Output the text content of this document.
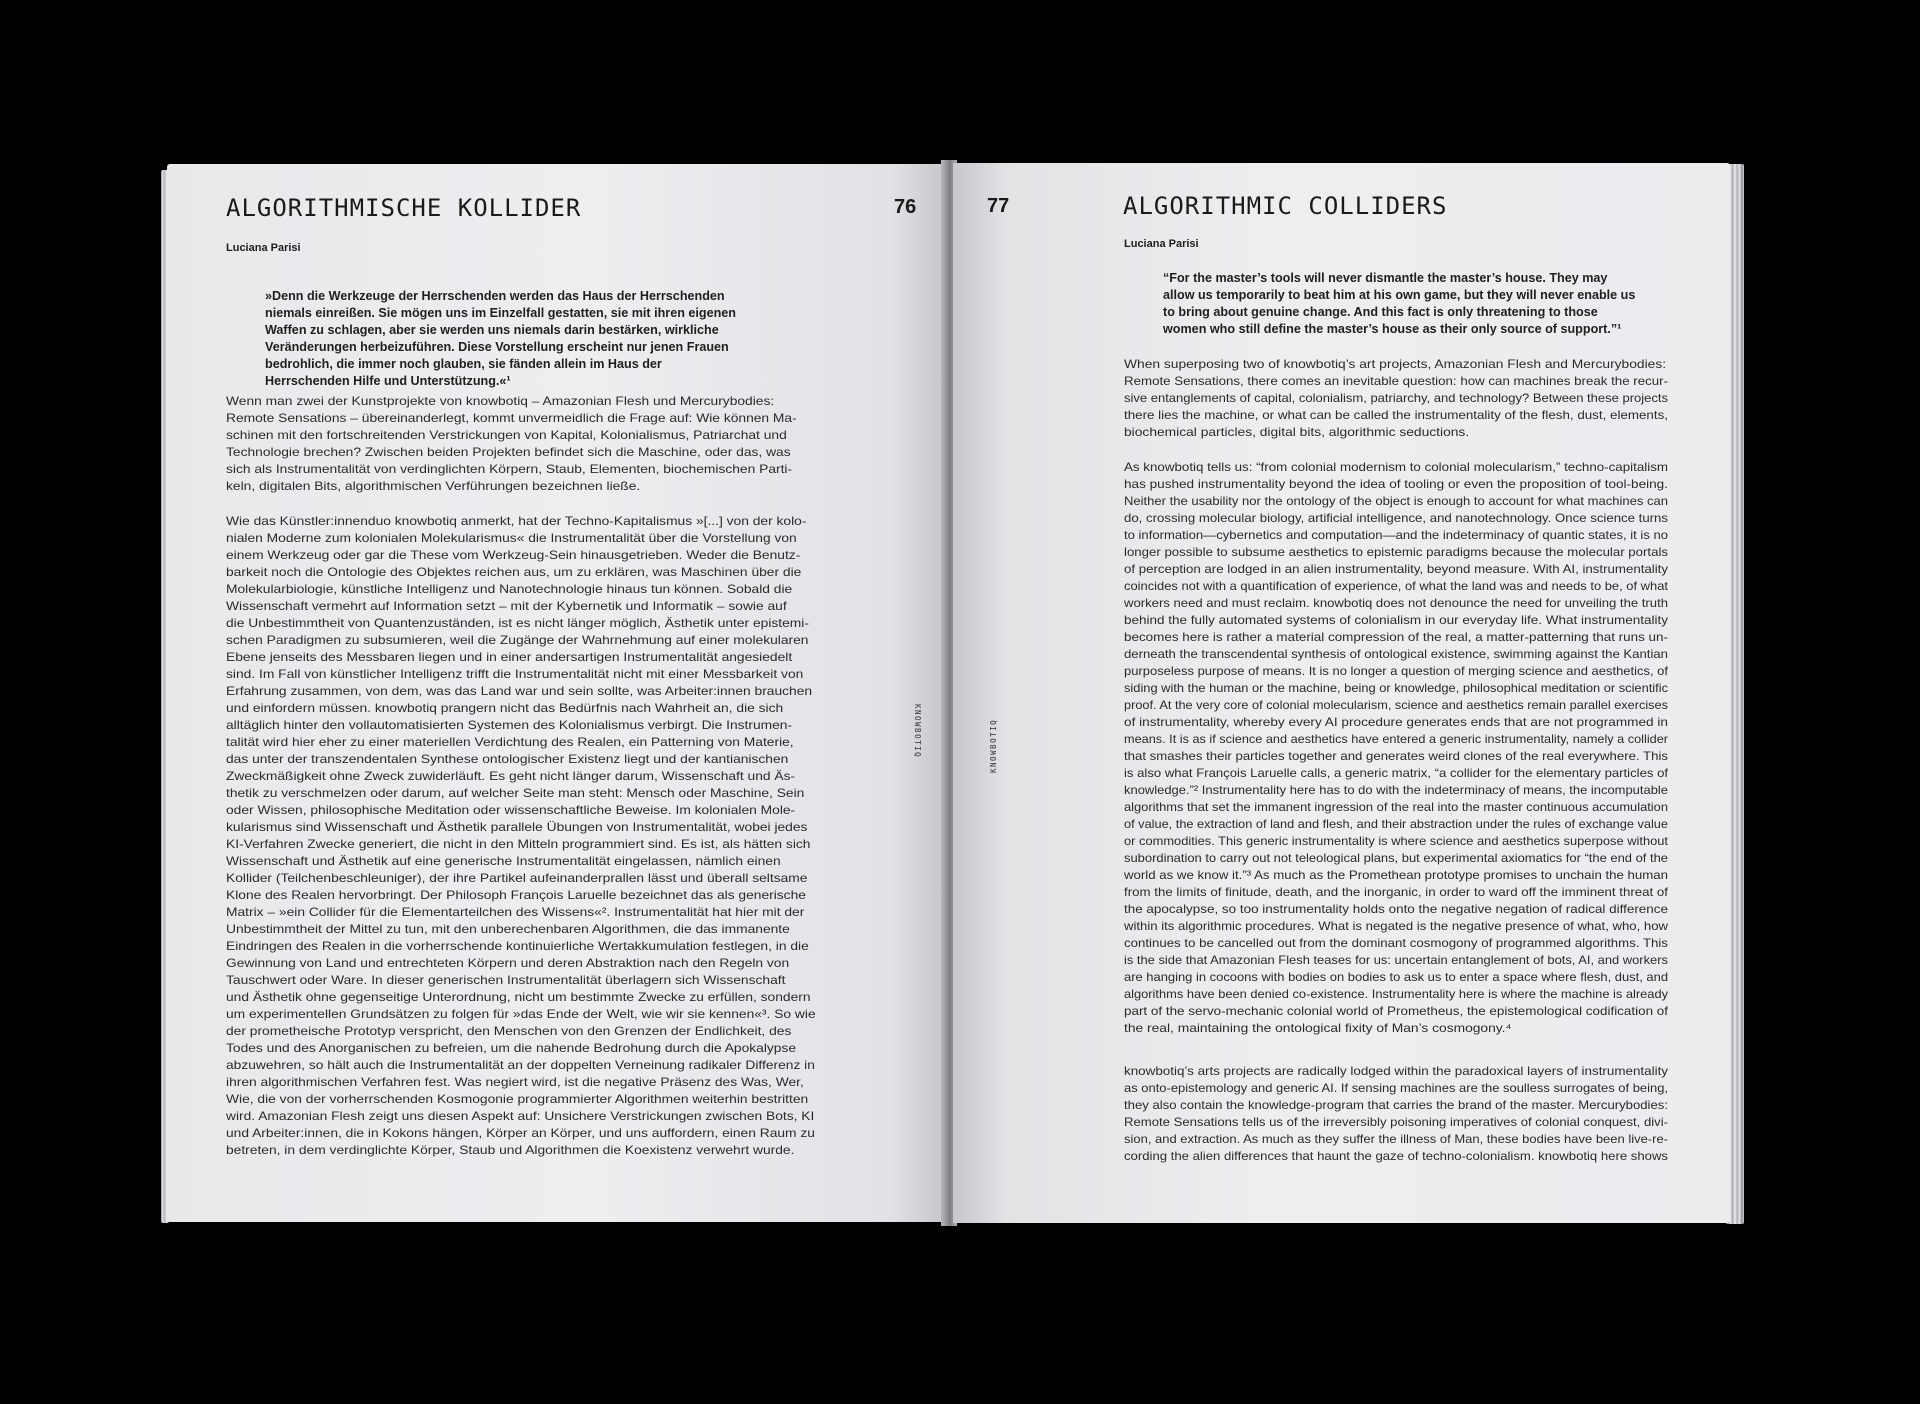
ALGORITHMISCHE KOLLIDER	76
Luciana Parisi
KNOWBOTIQ
»Denn die Werkzeuge der Herrschenden werden das Haus der Herrschenden
niemals einreißen. Sie mögen uns im Einzelfall gestatten, sie mit ihren eigenen
Waffen zu schlagen, aber sie werden uns niemals darin bestärken, wirkliche
Veränderungen herbeizuführen. Diese Vorstellung erscheint nur jenen Frauen
bedrohlich, die immer noch glauben, sie fänden allein im Haus der
Herrschenden Hilfe und Unterstützung.«¹
Wenn man zwei der Kunstprojekte von knowbotiq – Amazonian Flesh und Mercurybodies:
Remote Sensations – übereinanderlegt, kommt unvermeidlich die Frage auf: Wie können Ma-
schinen mit den fortschreitenden Verstrickungen von Kapital, Kolonialismus, Patriarchat und
Technologie brechen? Zwischen beiden Projekten befindet sich die Maschine, oder das, was
sich als Instrumentalität von verdinglichten Körpern, Staub, Elementen, biochemischen Parti-
keln, digitalen Bits, algorithmischen Verführungen bezeichnen ließe.
Wie das Künstler:innenduo knowbotiq anmerkt, hat der Techno-Kapitalismus »[...] von der kolo-
nialen Moderne zum kolonialen Molekularismus« die Instrumentalität über die Vorstellung von
einem Werkzeug oder gar die These vom Werkzeug-Sein hinausgetrieben. Weder die Benutz-
barkeit noch die Ontologie des Objektes reichen aus, um zu erklären, was Maschinen über die
Molekularbiologie, künstliche Intelligenz und Nanotechnologie hinaus tun können. Sobald die
Wissenschaft vermehrt auf Information setzt – mit der Kybernetik und Informatik – sowie auf
die Unbestimmtheit von Quantenzuständen, ist es nicht länger möglich, Ästhetik unter epistemi-
schen Paradigmen zu subsumieren, weil die Zugänge der Wahrnehmung auf einer molekularen
Ebene jenseits des Messbaren liegen und in einer andersartigen Instrumentalität angesiedelt
sind. Im Fall von künstlicher Intelligenz trifft die Instrumentalität nicht mit einer Messbarkeit von
Erfahrung zusammen, von dem, was das Land war und sein sollte, was Arbeiter:innen brauchen
und einfordern müssen. knowbotiq prangern nicht das Bedürfnis nach Wahrheit an, die sich
alltäglich hinter den vollautomatisierten Systemen des Kolonialismus verbirgt. Die Instrumen-
talität wird hier eher zu einer materiellen Verdichtung des Realen, ein Patterning von Materie,
das unter der transzendentalen Synthese ontologischer Existenz liegt und der kantianischen
Zweckmäßigkeit ohne Zweck zuwiderläuft. Es geht nicht länger darum, Wissenschaft und Äs-
thetik zu verschmelzen oder darum, auf welcher Seite man steht: Mensch oder Maschine, Sein
oder Wissen, philosophische Meditation oder wissenschaftliche Beweise. Im kolonialen Mole-
kularismus sind Wissenschaft und Ästhetik parallele Übungen von Instrumentalität, wobei jedes
KI-Verfahren Zwecke generiert, die nicht in den Mitteln programmiert sind. Es ist, als hätten sich
Wissenschaft und Ästhetik auf eine generische Instrumentalität eingelassen, nämlich einen
Kollider (Teilchenbeschleuniger), der ihre Partikel aufeinanderprallen lässt und überall seltsame
Klone des Realen hervorbringt. Der Philosoph François Laruelle bezeichnet das als generische
Matrix – »ein Collider für die Elementarteilchen des Wissens«². Instrumentalität hat hier mit der
Unbestimmtheit der Mittel zu tun, mit den unberechenbaren Algorithmen, die das immanente
Eindringen des Realen in die vorherrschende kontinuierliche Wertakkumulation festlegen, in die
Gewinnung von Land und entrechteten Körpern und deren Abstraktion nach den Regeln von
Tauschwert oder Ware. In dieser generischen Instrumentalität überlagern sich Wissenschaft
und Ästhetik ohne gegenseitige Unterordnung, nicht um bestimmte Zwecke zu erfüllen, sondern
um experimentellen Grundsätzen zu folgen für »das Ende der Welt, wie wir sie kennen«³. So wie
der prometheische Prototyp verspricht, den Menschen von den Grenzen der Endlichkeit, des
Todes und des Anorganischen zu befreien, um die nahende Bedrohung durch die Apokalypse
abzuwehren, so hält auch die Instrumentalität an der doppelten Verneinung radikaler Differenz in
ihren algorithmischen Verfahren fest. Was negiert wird, ist die negative Präsenz des Was, Wer,
Wie, die von der vorherrschenden Kosmogonie programmierter Algorithmen weiterhin bestritten
wird. Amazonian Flesh zeigt uns diesen Aspekt auf: Unsichere Verstrickungen zwischen Bots, KI
und Arbeiter:innen, die in Kokons hängen, Körper an Körper, und uns auffordern, einen Raum zu
betreten, in dem verdinglichte Körper, Staub und Algorithmen die Koexistenz verwehrt wurde.
77	ALGORITHMIC COLLIDERS
Luciana Parisi
KNOWBOTIQ
“For the master’s tools will never dismantle the master’s house. They may
allow us temporarily to beat him at his own game, but they will never enable us
to bring about genuine change. And this fact is only threatening to those
women who still define the master’s house as their only source of support.”¹
When superposing two of knowbotiq’s art projects, Amazonian Flesh and Mercurybodies:
Remote Sensations, there comes an inevitable question: how can machines break the recur-
sive entanglements of capital, colonialism, patriarchy, and technology? Between these projects
there lies the machine, or what can be called the instrumentality of the flesh, dust, elements,
biochemical particles, digital bits, algorithmic seductions.
As knowbotiq tells us: “from colonial modernism to colonial molecularism,” techno-capitalism
has pushed instrumentality beyond the idea of tooling or even the proposition of tool-being.
Neither the usability nor the ontology of the object is enough to account for what machines can
do, crossing molecular biology, artificial intelligence, and nanotechnology. Once science turns
to information—cybernetics and computation—and the indeterminacy of quantic states, it is no
longer possible to subsume aesthetics to epistemic paradigms because the molecular portals
of perception are lodged in an alien instrumentality, beyond measure. With AI, instrumentality
coincides not with a quantification of experience, of what the land was and needs to be, of what
workers need and must reclaim. knowbotiq does not denounce the need for unveiling the truth
behind the fully automated systems of colonialism in our everyday life. What instrumentality
becomes here is rather a material compression of the real, a matter-patterning that runs un-
derneath the transcendental synthesis of ontological existence, swimming against the Kantian
purposeless purpose of means. It is no longer a question of merging science and aesthetics, of
siding with the human or the machine, being or knowledge, philosophical meditation or scientific
proof. At the very core of colonial molecularism, science and aesthetics remain parallel exercises
of instrumentality, whereby every AI procedure generates ends that are not programmed in
means. It is as if science and aesthetics have entered a generic instrumentality, namely a collider
that smashes their particles together and generates weird clones of the real everywhere. This
is also what François Laruelle calls, a generic matrix, “a collider for the elementary particles of
knowledge.”² Instrumentality here has to do with the indeterminacy of means, the incomputable
algorithms that set the immanent ingression of the real into the master continuous accumulation
of value, the extraction of land and flesh, and their abstraction under the rules of exchange value
or commodities. This generic instrumentality is where science and aesthetics superpose without
subordination to carry out not teleological plans, but experimental axiomatics for “the end of the
world as we know it.”³ As much as the Promethean prototype promises to unchain the human
from the limits of finitude, death, and the inorganic, in order to ward off the imminent threat of
the apocalypse, so too instrumentality holds onto the negative negation of radical difference
within its algorithmic procedures. What is negated is the negative presence of what, who, how
continues to be cancelled out from the dominant cosmogony of programmed algorithms. This
is the side that Amazonian Flesh teases for us: uncertain entanglement of bots, AI, and workers
are hanging in cocoons with bodies on bodies to ask us to enter a space where flesh, dust, and
algorithms have been denied co-existence. Instrumentality here is where the machine is already
part of the servo-mechanic colonial world of Prometheus, the epistemological codification of
the real, maintaining the ontological fixity of Man’s cosmogony.⁴
knowbotiq’s arts projects are radically lodged within the paradoxical layers of instrumentality
as onto-epistemology and generic AI. If sensing machines are the soulless surrogates of being,
they also contain the knowledge-program that carries the brand of the master. Mercurybodies:
Remote Sensations tells us of the irreversibly poisoning imperatives of colonial conquest, divi-
sion, and extraction. As much as they suffer the illness of Man, these bodies have been live-re-
cording the alien differences that haunt the gaze of techno-colonialism. knowbotiq here shows
